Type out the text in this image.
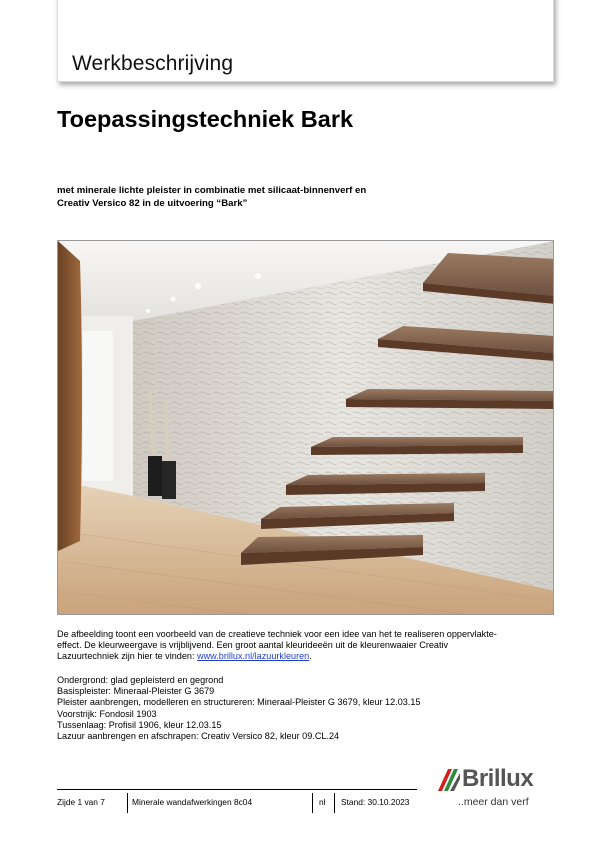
Werkbeschrijving
Toepassingstechniek Bark
met minerale lichte pleister in combinatie met silicaat-binnenverf en
Creativ Versico 82 in de uitvoering “Bark”
De afbeelding toont een voorbeeld van de creatieve techniek voor een idee van het te realiseren oppervlakte-
effect. De kleurweergave is vrijblijvend. Een groot aantal kleurideeën uit de kleurenwaaier Creativ
Lazuurtechniek zijn hier te vinden: www.brillux.nl/lazuurkleuren.
Ondergrond: glad gepleisterd en gegrond
Basispleister: Mineraal-Pleister G 3679
Pleister aanbrengen, modelleren en structureren: Mineraal-Pleister G 3679, kleur 12.03.15
Voorstrijk: Fondosil 1903
Tussenlaag: Profisil 1906, kleur 12.03.15
Lazuur aanbrengen en afschrapen: Creativ Versico 82, kleur 09.CL.24
Zijde 1 van 7	Minerale wandafwerkingen 8c04	nl	Stand: 30.10.2023
Brillux
..meer dan verf
